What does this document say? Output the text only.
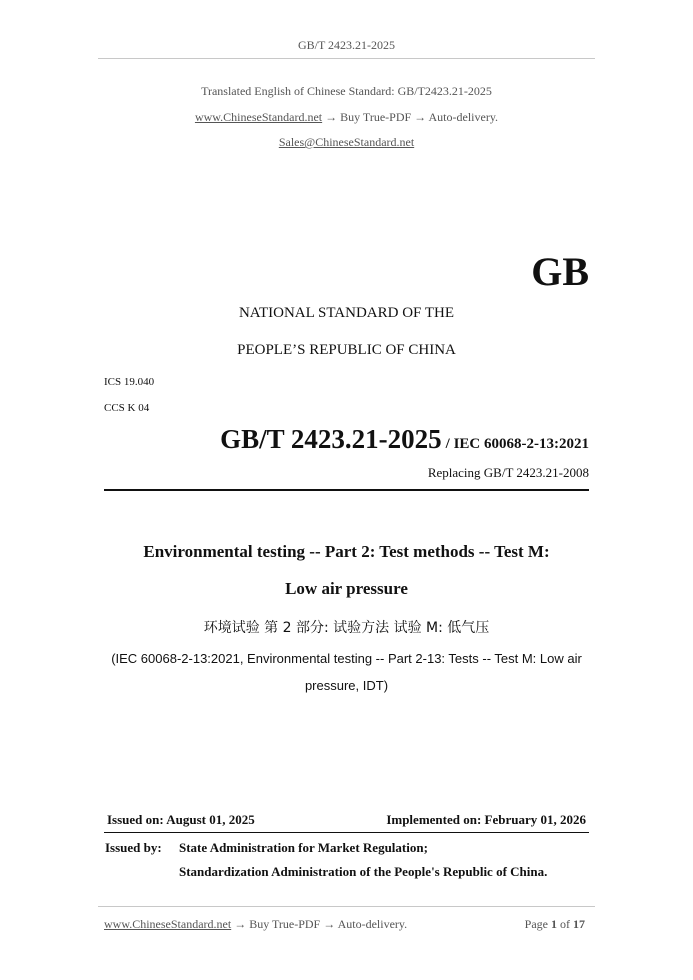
GB/T 2423.21-2025
Translated English of Chinese Standard: GB/T2423.21-2025
www.ChineseStandard.net → Buy True-PDF → Auto-delivery.
Sales@ChineseStandard.net
GB
NATIONAL STANDARD OF THE
PEOPLE’S REPUBLIC OF CHINA
ICS 19.040
CCS K 04
GB/T 2423.21-2025 / IEC 60068-2-13:2021
Replacing GB/T 2423.21-2008
Environmental testing -- Part 2: Test methods -- Test M:
Low air pressure
环境试验 第 2 部分: 试验方法 试验 M: 低气压
(IEC 60068-2-13:2021, Environmental testing -- Part 2-13: Tests -- Test M: Low air
pressure, IDT)
Issued on: August 01, 2025	Implemented on: February 01, 2026
Issued by: State Administration for Market Regulation;
Standardization Administration of the People's Republic of China.
www.ChineseStandard.net → Buy True-PDF → Auto-delivery.	Page 1 of 17
